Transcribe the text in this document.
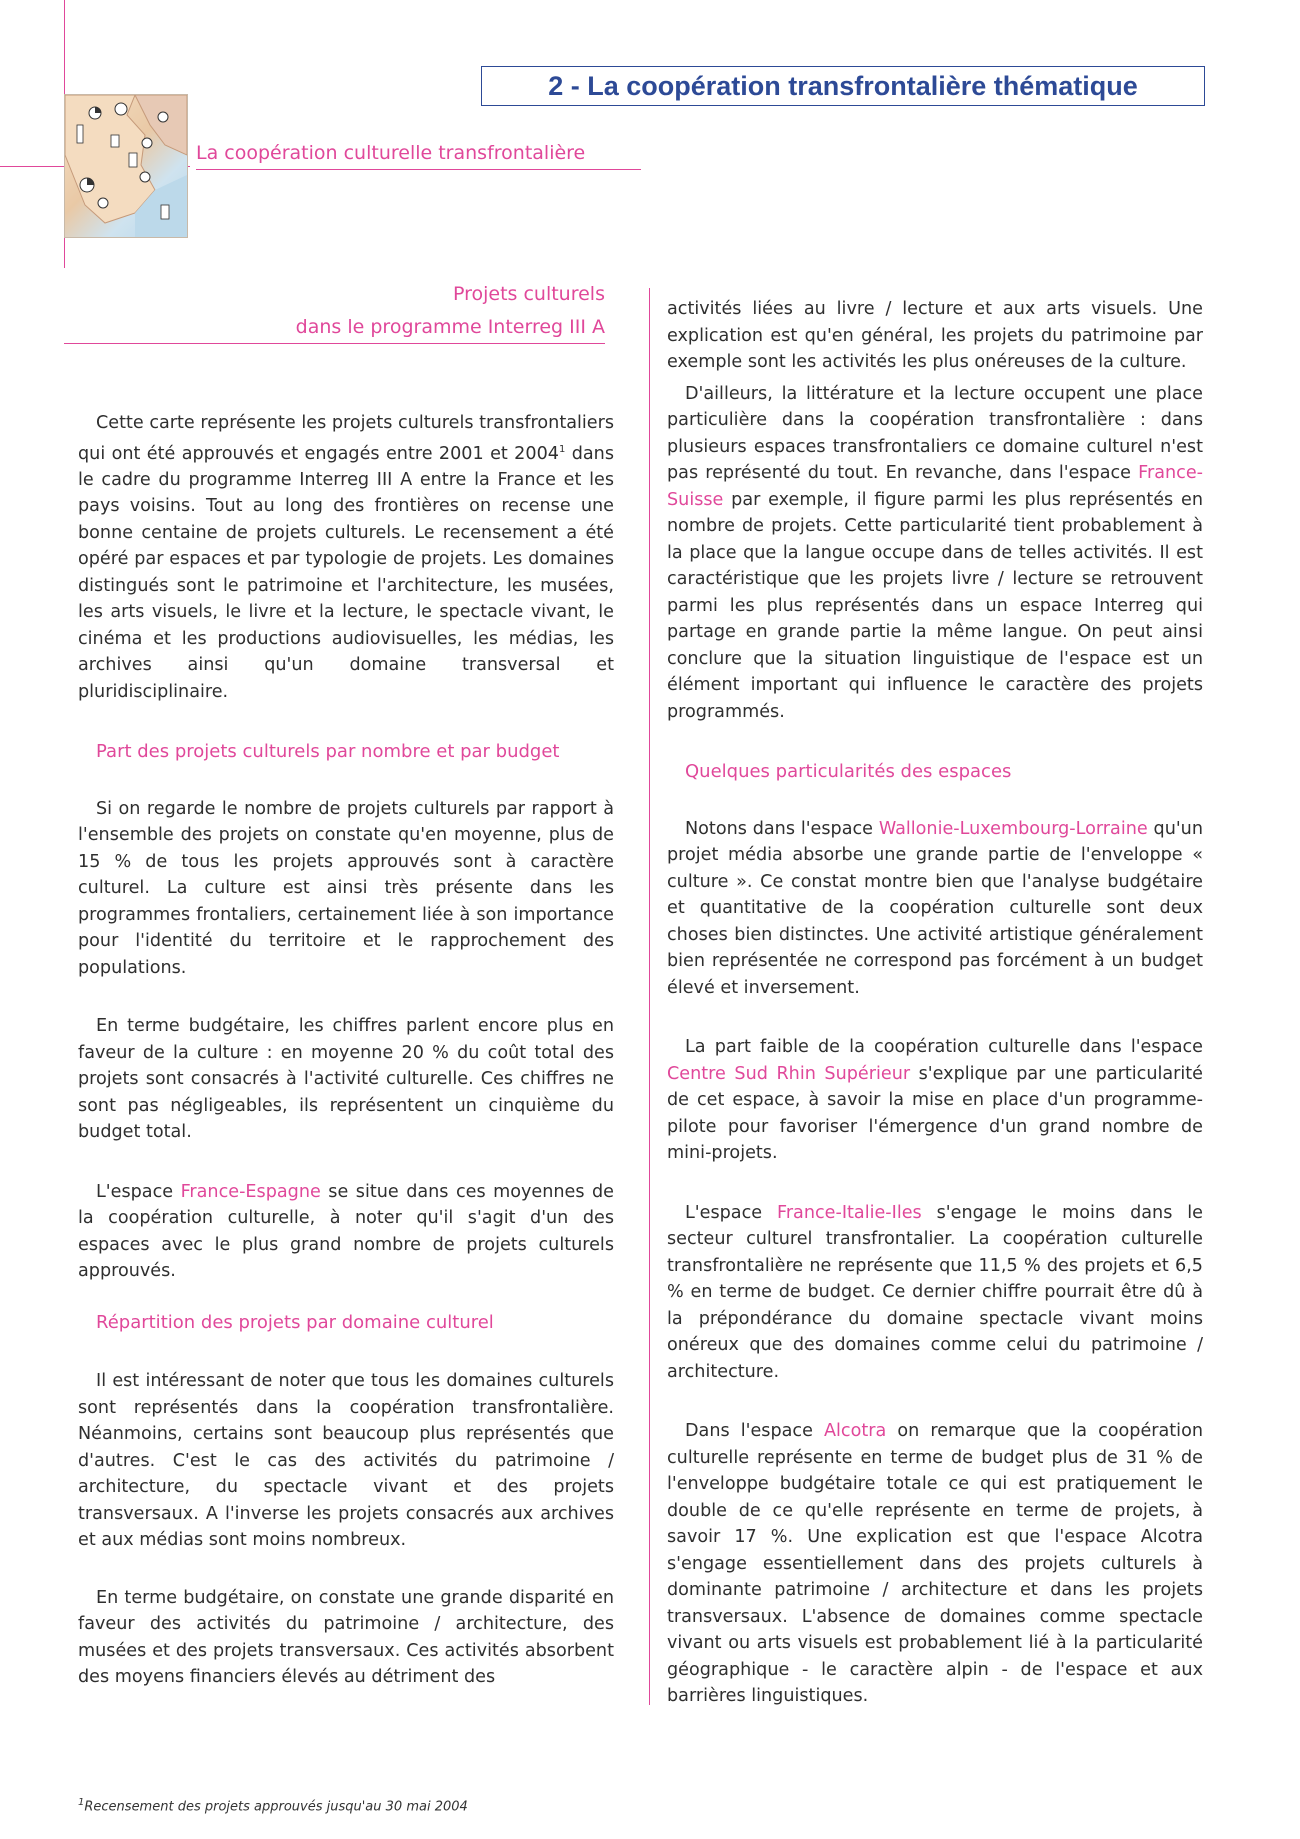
2 - La coopération transfrontalière thématique
La coopération culturelle transfrontalière
Projets culturels
dans le programme Interreg III A

Cette carte représente les projets culturels transfrontaliers qui ont été approuvés et engagés entre 2001 et 2004$^1$ dans le cadre du programme Interreg III A entre la France et les pays voisins. Tout au long des frontières on recense une bonne centaine de projets culturels. Le recensement a été opéré par espaces et par typologie de projets. Les domaines distingués sont le patrimoine et l'architecture, les musées, les arts visuels, le livre et la lecture, le spectacle vivant, le cinéma et les productions audiovisuelles, les médias, les archives ainsi qu'un domaine transversal et pluridisciplinaire.

Part des projets culturels par nombre et par budget

Si on regarde le nombre de projets culturels par rapport à l'ensemble des projets on constate qu'en moyenne, plus de 15 % de tous les projets approuvés sont à caractère culturel. La culture est ainsi très présente dans les programmes frontaliers, certainement liée à son importance pour l'identité du territoire et le rapprochement des populations.

En terme budgétaire, les chiffres parlent encore plus en faveur de la culture : en moyenne 20 % du coût total des projets sont consacrés à l'activité culturelle. Ces chiffres ne sont pas négligeables, ils représentent un cinquième du budget total.

L'espace France-Espagne se situe dans ces moyennes de la coopération culturelle, à noter qu'il s'agit d'un des espaces avec le plus grand nombre de projets culturels approuvés.

Répartition des projets par domaine culturel

Il est intéressant de noter que tous les domaines culturels sont représentés dans la coopération transfrontalière. Néanmoins, certains sont beaucoup plus représentés que d'autres. C'est le cas des activités du patrimoine / architecture, du spectacle vivant et des projets transversaux. A l'inverse les projets consacrés aux archives et aux médias sont moins nombreux.

En terme budgétaire, on constate une grande disparité en faveur des activités du patrimoine / architecture, des musées et des projets transversaux. Ces activités absorbent des moyens financiers élevés au détriment des

activités liées au livre / lecture et aux arts visuels. Une explication est qu'en général, les projets du patrimoine par exemple sont les activités les plus onéreuses de la culture.

D'ailleurs, la littérature et la lecture occupent une place particulière dans la coopération transfrontalière : dans plusieurs espaces transfrontaliers ce domaine culturel n'est pas représenté du tout. En revanche, dans l'espace France-Suisse par exemple, il figure parmi les plus représentés en nombre de projets. Cette particularité tient probablement à la place que la langue occupe dans de telles activités. Il est caractéristique que les projets livre / lecture se retrouvent parmi les plus représentés dans un espace Interreg qui partage en grande partie la même langue. On peut ainsi conclure que la situation linguistique de l'espace est un élément important qui influence le caractère des projets programmés.

Quelques particularités des espaces

Notons dans l'espace Wallonie-Luxembourg-Lorraine qu'un projet média absorbe une grande partie de l'enveloppe « culture ». Ce constat montre bien que l'analyse budgétaire et quantitative de la coopération culturelle sont deux choses bien distinctes. Une activité artistique généralement bien représentée ne correspond pas forcément à un budget élevé et inversement.

La part faible de la coopération culturelle dans l'espace Centre Sud Rhin Supérieur s'explique par une particularité de cet espace, à savoir la mise en place d'un programme-pilote pour favoriser l'émergence d'un grand nombre de mini-projets.

L'espace France-Italie-Iles s'engage le moins dans le secteur culturel transfrontalier. La coopération culturelle transfrontalière ne représente que 11,5 % des projets et 6,5 % en terme de budget. Ce dernier chiffre pourrait être dû à la prépondérance du domaine spectacle vivant moins onéreux que des domaines comme celui du patrimoine / architecture.

Dans l'espace Alcotra on remarque que la coopération culturelle représente en terme de budget plus de 31 % de l'enveloppe budgétaire totale ce qui est pratiquement le double de ce qu'elle représente en terme de projets, à savoir 17 %. Une explication est que l'espace Alcotra s'engage essentiellement dans des projets culturels à dominante patrimoine / architecture et dans les projets transversaux. L'absence de domaines comme spectacle vivant ou arts visuels est probablement lié à la particularité géographique - le caractère alpin - de l'espace et aux barrières linguistiques.

$^1$Recensement des projets approuvés jusqu'au 30 mai 2004
